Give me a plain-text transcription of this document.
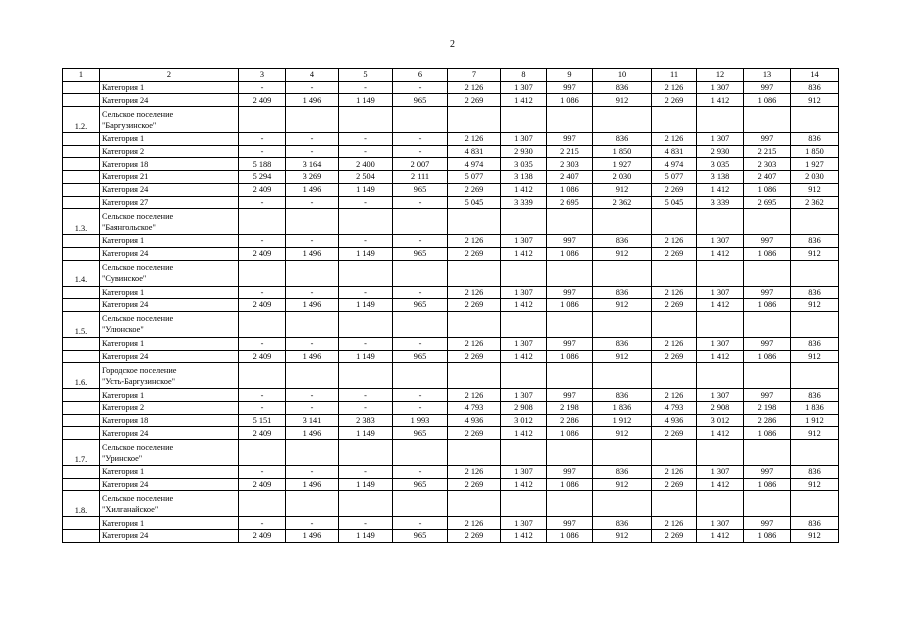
2
1	2	3	4	5	6	7	8	9	10	11	12	13	14
	Категория 1	-	-	-	-	2 126	1 307	997	836	2 126	1 307	997	836
	Категория 24	2 409	1 496	1 149	965	2 269	1 412	1 086	912	2 269	1 412	1 086	912
1.2.	Сельское поселение
"Баргузинское"												

	Категория 1	-	-	-	-	2 126	1 307	997	836	2 126	1 307	997	836
	Категория 2	-	-	-	-	4 831	2 930	2 215	1 850	4 831	2 930	2 215	1 850
	Категория 18	5 188	3 164	2 400	2 007	4 974	3 035	2 303	1 927	4 974	3 035	2 303	1 927
	Категория 21	5 294	3 269	2 504	2 111	5 077	3 138	2 407	2 030	5 077	3 138	2 407	2 030
	Категория 24	2 409	1 496	1 149	965	2 269	1 412	1 086	912	2 269	1 412	1 086	912
	Категория 27	-	-	-	-	5 045	3 339	2 695	2 362	5 045	3 339	2 695	2 362
1.3.	Сельское поселение
"Баянгольское"												

	Категория 1	-	-	-	-	2 126	1 307	997	836	2 126	1 307	997	836
	Категория 24	2 409	1 496	1 149	965	2 269	1 412	1 086	912	2 269	1 412	1 086	912
1.4.	Сельское поселение
"Сувинское"												

	Категория 1	-	-	-	-	2 126	1 307	997	836	2 126	1 307	997	836
	Категория 24	2 409	1 496	1 149	965	2 269	1 412	1 086	912	2 269	1 412	1 086	912
1.5.	Сельское поселение
"Улюнское"												

	Категория 1	-	-	-	-	2 126	1 307	997	836	2 126	1 307	997	836
	Категория 24	2 409	1 496	1 149	965	2 269	1 412	1 086	912	2 269	1 412	1 086	912
1.6.	Городское поселение
"Усть-Баргузинское"												

	Категория 1	-	-	-	-	2 126	1 307	997	836	2 126	1 307	997	836
	Категория 2	-	-	-	-	4 793	2 908	2 198	1 836	4 793	2 908	2 198	1 836
	Категория 18	5 151	3 141	2 383	1 993	4 936	3 012	2 286	1 912	4 936	3 012	2 286	1 912
	Категория 24	2 409	1 496	1 149	965	2 269	1 412	1 086	912	2 269	1 412	1 086	912
1.7.	Сельское поселение
"Уринское"												

	Категория 1	-	-	-	-	2 126	1 307	997	836	2 126	1 307	997	836
	Категория 24	2 409	1 496	1 149	965	2 269	1 412	1 086	912	2 269	1 412	1 086	912
1.8.	Сельское поселение
"Хилганайское"												

	Категория 1	-	-	-	-	2 126	1 307	997	836	2 126	1 307	997	836
	Категория 24	2 409	1 496	1 149	965	2 269	1 412	1 086	912	2 269	1 412	1 086	912
